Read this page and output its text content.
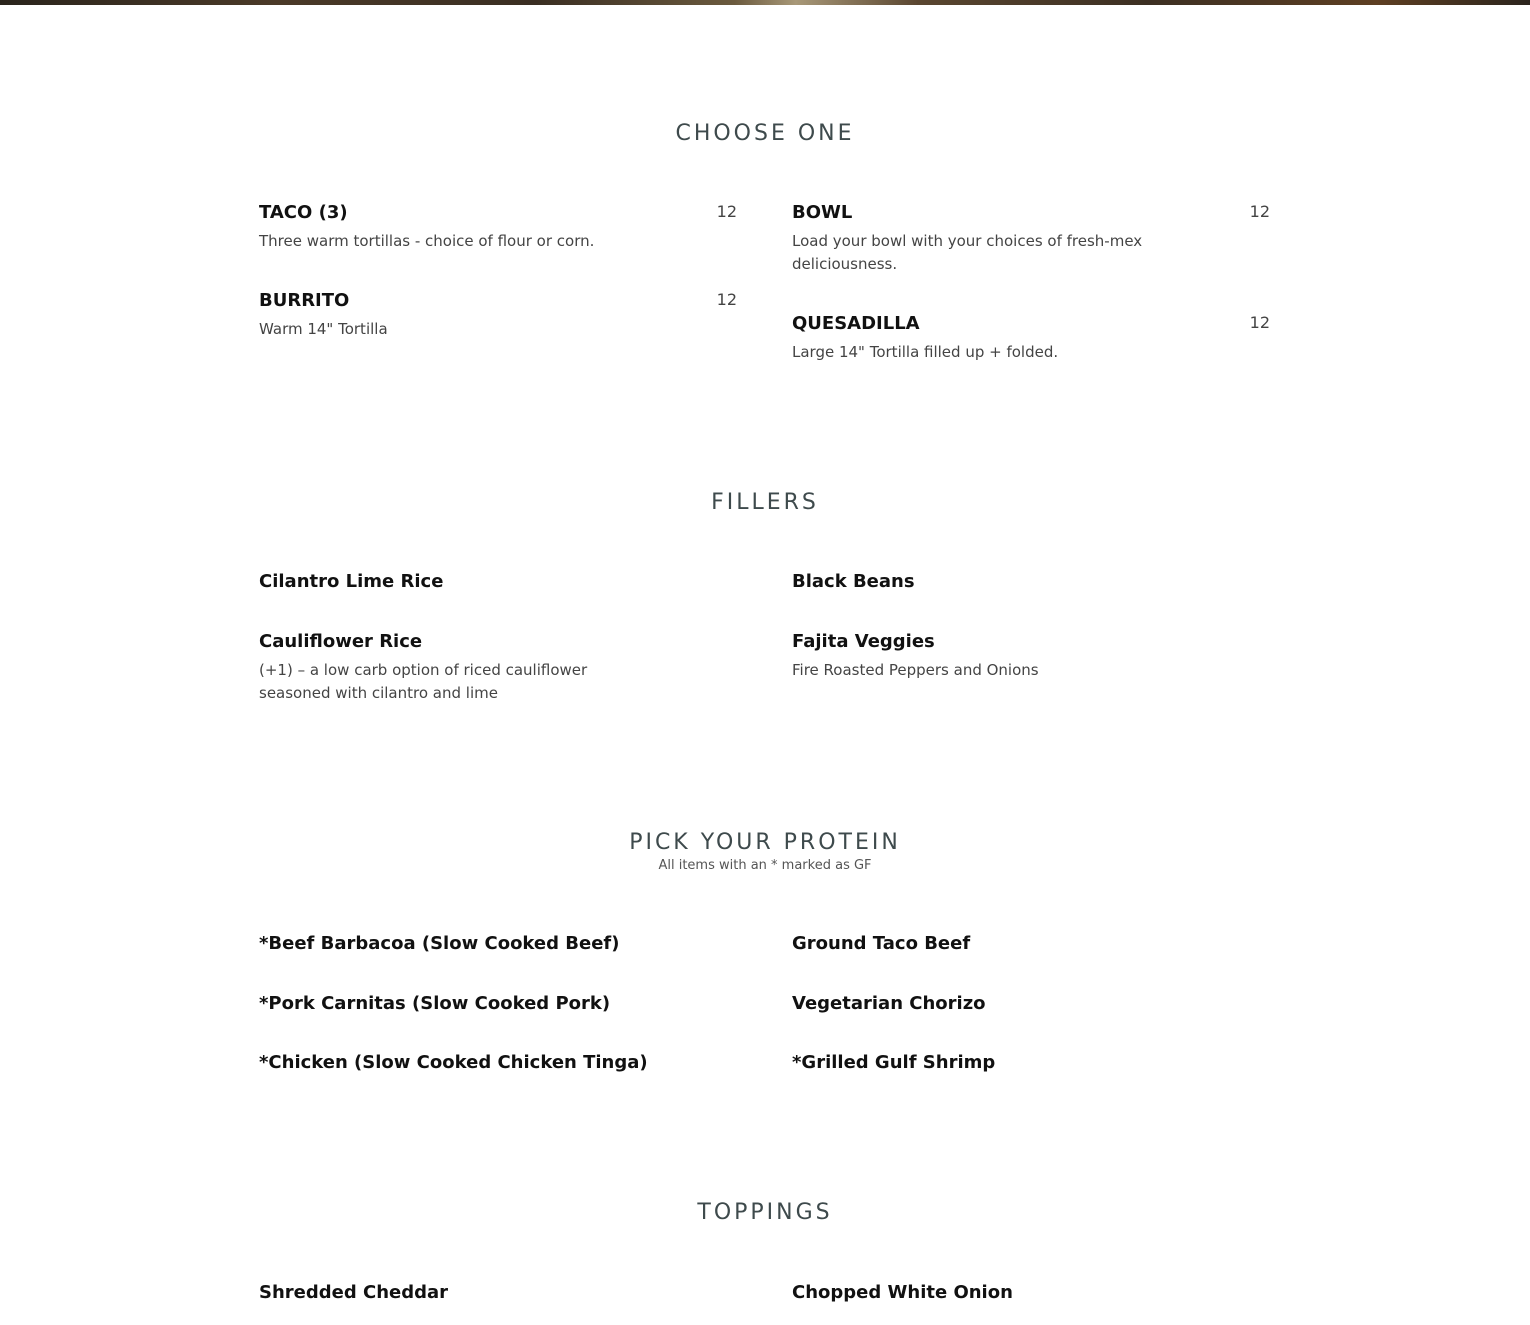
CHOOSE ONE
TACO (3)
Three warm tortillas - choice of flour or corn.
12	BOWL
Load your bowl with your choices of fresh-mex deliciousness.
12
BURRITO
Warm 14" Tortilla
12
QUESADILLA
Large 14" Tortilla filled up + folded.
12
FILLERS
Cilantro Lime Rice	Black Beans
Cauliflower Rice
(+1) – a low carb option of riced cauliflower seasoned with cilantro and lime
Fajita Veggies
Fire Roasted Peppers and Onions
PICK YOUR PROTEIN

All items with an * marked as GF

*Beef Barbacoa (Slow Cooked Beef)	Ground Taco Beef
*Pork Carnitas (Slow Cooked Pork)	Vegetarian Chorizo
*Chicken (Slow Cooked Chicken Tinga)	*Grilled Gulf Shrimp
TOPPINGS
Shredded Cheddar	Chopped White Onion
